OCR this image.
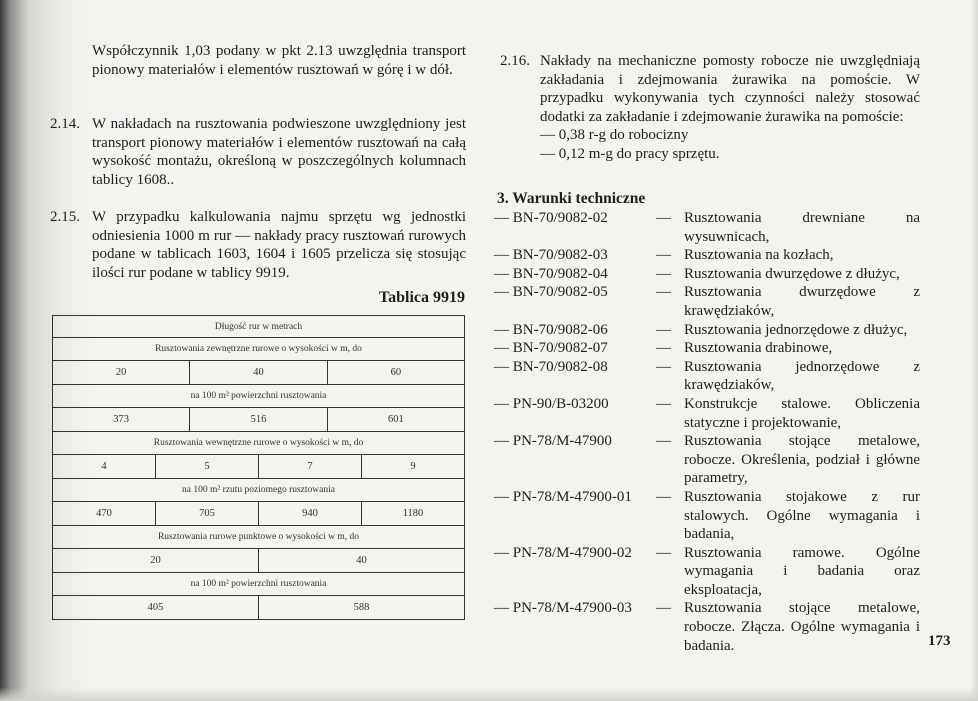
Współczynnik 1,03 podany w pkt 2.13 uwzględnia transport pionowy materiałów i elementów rusztowań w górę i w dół.
2.14. W nakładach na rusztowania podwieszone uwzględniony jest transport pionowy materiałów i elementów rusztowań na całą wysokość montażu, określoną w poszczególnych kolumnach tablicy 1608..
2.15. W przypadku kalkulowania najmu sprzętu wg jednostki odniesienia 1000 m rur — nakłady pracy rusztowań rurowych podane w tablicach 1603, 1604 i 1605 przelicza się stosując ilości rur podane w tablicy 9919.
Tablica 9919
Długość rur w metrach
Rusztowania zewnętrzne rurowe o wysokości w m, do
20	40	60
na 100 m² powierzchni rusztowania
373	516	601
Rusztowania wewnętrzne rurowe o wysokości w m, do
4	5	7	9
na 100 m² rzutu poziomego rusztowania
470	705	940	1180
Rusztowania rurowe punktowe o wysokości w m, do
20	40
na 100 m² powierzchni rusztowania
405	588
2.16. Nakłady na mechaniczne pomosty robocze nie uwzględniają zakładania i zdejmowania żurawika na pomoście. W przypadku wykonywania tych czynności należy stosować dodatki za zakładanie i zdejmowanie żurawika na pomoście:
— 0,38 r-g do robocizny
— 0,12 m-g do pracy sprzętu.
3. Warunki techniczne
— BN-70/9082-02	— Rusztowania drewniane na wysuwnicach,
— BN-70/9082-03	— Rusztowania na kozłach,
— BN-70/9082-04	— Rusztowania dwurzędowe z dłużyc,
— BN-70/9082-05	— Rusztowania dwurzędowe z krawędziaków,
— BN-70/9082-06	— Rusztowania jednorzędowe z dłużyc,
— BN-70/9082-07	— Rusztowania drabinowe,
— BN-70/9082-08	— Rusztowania jednorzędowe z krawędziaków,
— PN-90/B-03200	— Konstrukcje stalowe. Obliczenia statyczne i projektowanie,
— PN-78/M-47900	— Rusztowania stojące metalowe, robocze. Określenia, podział i główne parametry,
— PN-78/M-47900-01	— Rusztowania stojakowe z rur stalowych. Ogólne wymagania i badania,
— PN-78/M-47900-02	— Rusztowania ramowe. Ogólne wymagania i badania oraz eksploatacja,
— PN-78/M-47900-03	— Rusztowania stojące metalowe, robocze. Złącza. Ogólne wymagania i badania.	173
